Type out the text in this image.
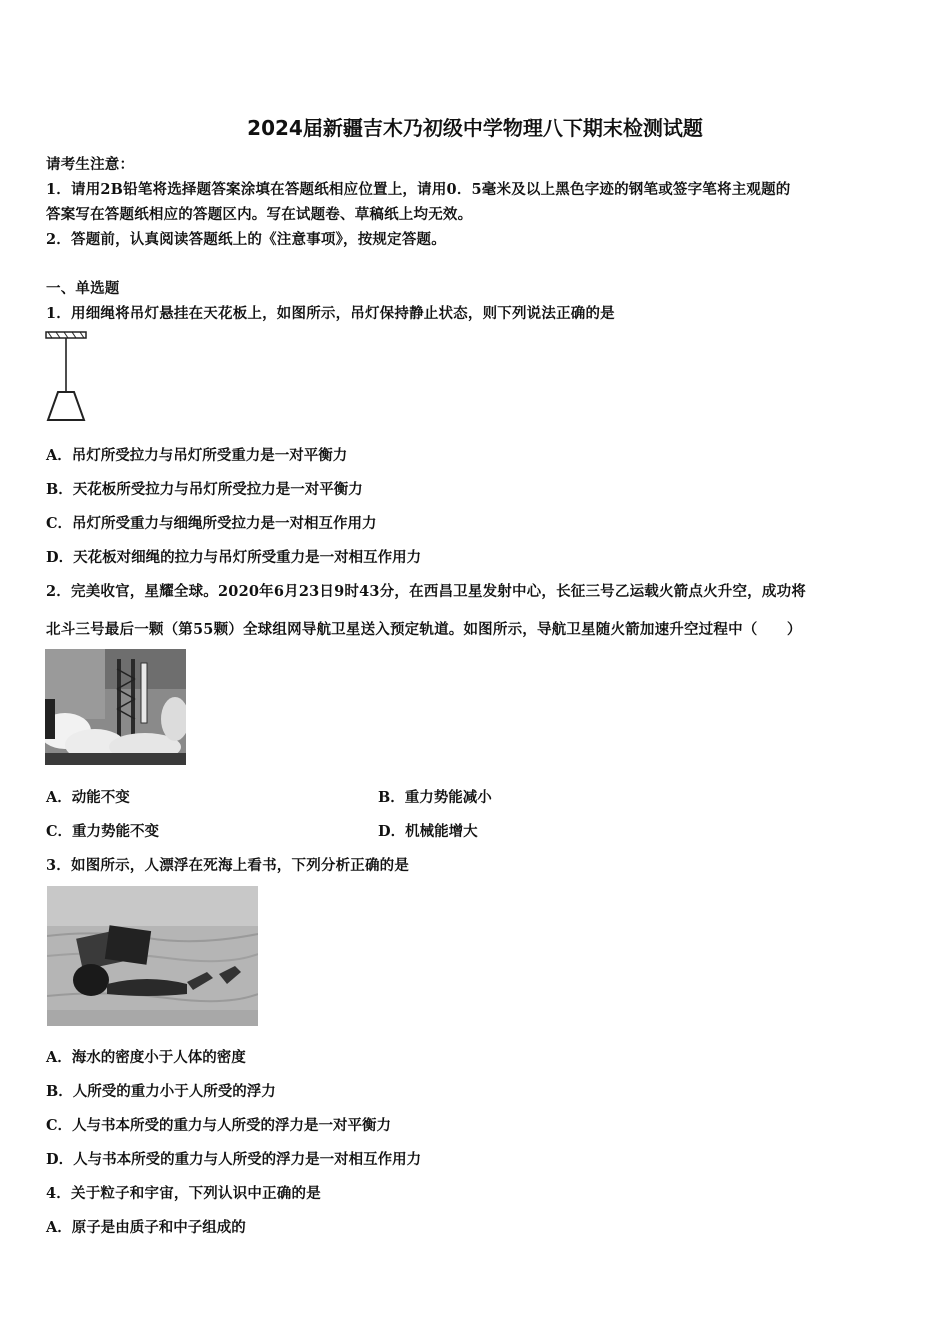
2024届新疆吉木乃初级中学物理八下期末检测试题
请考生注意：
1．请用2B铅笔将选择题答案涂填在答题纸相应位置上，请用0．5毫米及以上黑色字迹的钢笔或签字笔将主观题的
答案写在答题纸相应的答题区内。写在试题卷、草稿纸上均无效。
2．答题前，认真阅读答题纸上的《注意事项》，按规定答题。
一、单选题
1．用细绳将吊灯悬挂在天花板上，如图所示，吊灯保持静止状态，则下列说法正确的是
A．吊灯所受拉力与吊灯所受重力是一对平衡力
B．天花板所受拉力与吊灯所受拉力是一对平衡力
C．吊灯所受重力与细绳所受拉力是一对相互作用力
D．天花板对细绳的拉力与吊灯所受重力是一对相互作用力
2．完美收官，星耀全球。2020年6月23日9时43分，在西昌卫星发射中心，长征三号乙运载火箭点火升空，成功将
北斗三号最后一颗（第55颗）全球组网导航卫星送入预定轨道。如图所示，导航卫星随火箭加速升空过程中（　　）
A．动能不变	B．重力势能减小
C．重力势能不变	D．机械能增大
3．如图所示，人漂浮在死海上看书，下列分析正确的是
A．海水的密度小于人体的密度
B．人所受的重力小于人所受的浮力
C．人与书本所受的重力与人所受的浮力是一对平衡力
D．人与书本所受的重力与人所受的浮力是一对相互作用力
4．关于粒子和宇宙，下列认识中正确的是
A．原子是由质子和中子组成的
